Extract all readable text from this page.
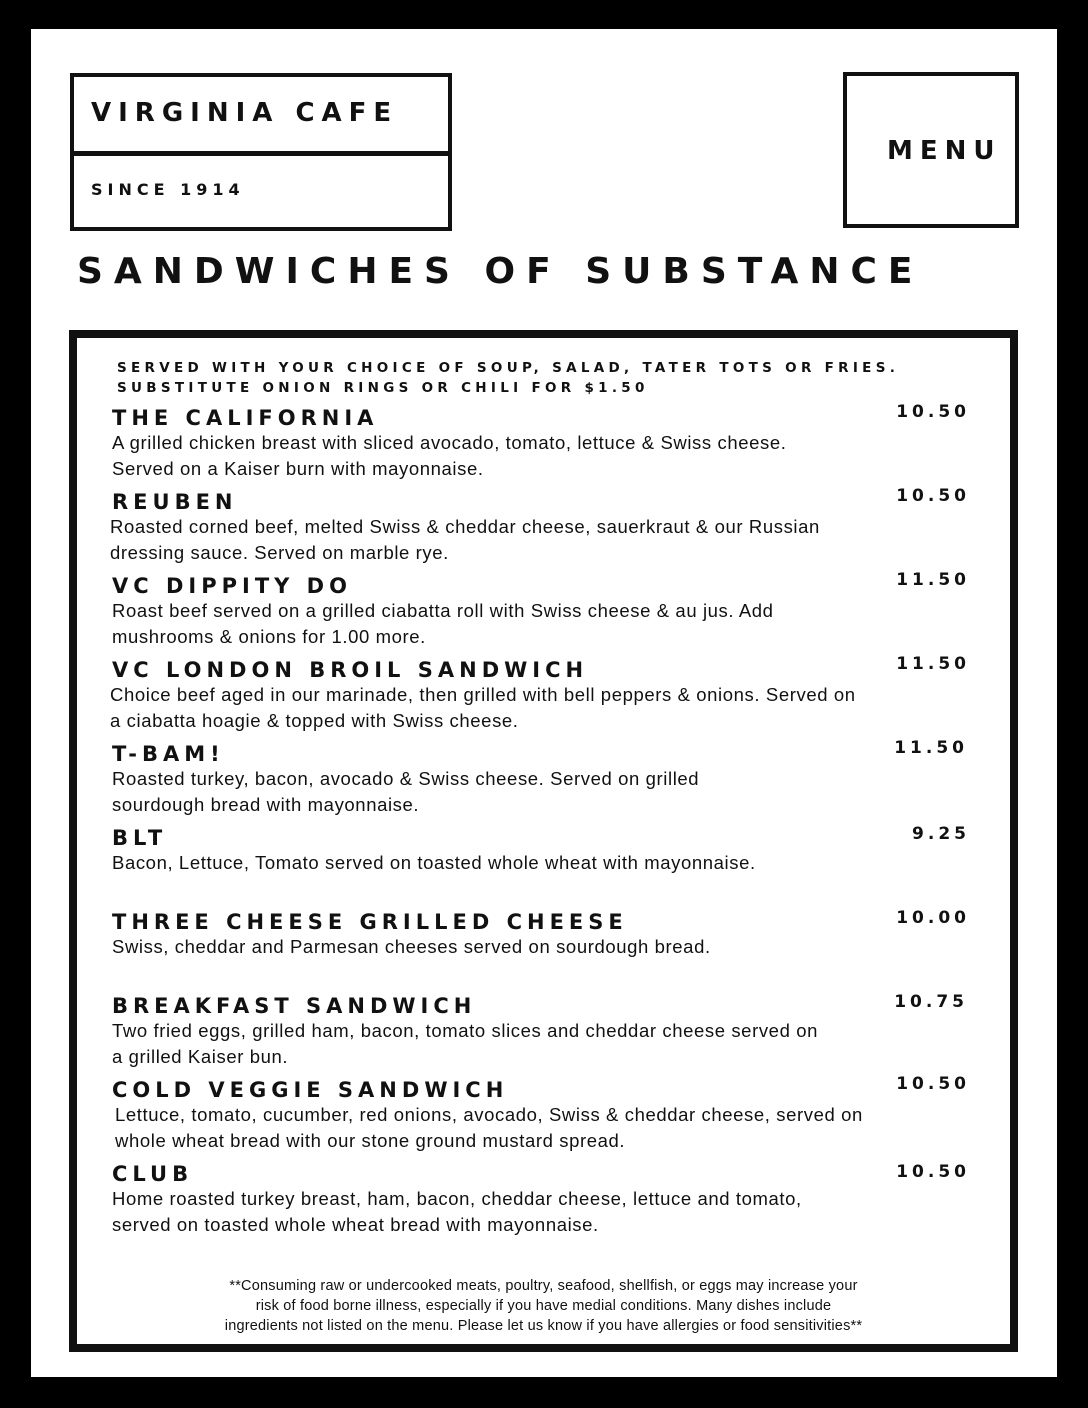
VIRGINIA CAFE
SINCE 1914
MENU
SANDWICHES OF SUBSTANCE
SERVED WITH YOUR CHOICE OF SOUP, SALAD, TATER TOTS OR FRIES.
SUBSTITUTE ONION RINGS OR CHILI FOR $1.50
THE CALIFORNIA
A grilled chicken breast with sliced avocado, tomato, lettuce & Swiss cheese. Served on a Kaiser burn with mayonnaise.
10.50
REUBEN
Roasted corned beef, melted Swiss & cheddar cheese, sauerkraut & our Russian dressing sauce. Served on marble rye.
10.50
VC DIPPITY DO
Roast beef served on a grilled ciabatta roll with Swiss cheese & au jus. Add mushrooms & onions for 1.00 more.
11.50
VC LONDON BROIL SANDWICH
Choice beef aged in our marinade, then grilled with bell peppers & onions. Served on a ciabatta hoagie & topped with Swiss cheese.
11.50
T-BAM!
Roasted turkey, bacon, avocado & Swiss cheese. Served on grilled sourdough bread with mayonnaise.
11.50
BLT
Bacon, Lettuce, Tomato served on toasted whole wheat with mayonnaise.
9.25
THREE CHEESE GRILLED CHEESE
Swiss, cheddar and Parmesan cheeses served on sourdough bread.
10.00
BREAKFAST SANDWICH
Two fried eggs, grilled ham, bacon, tomato slices and cheddar cheese served on a grilled Kaiser bun.
10.75
COLD VEGGIE SANDWICH
Lettuce, tomato, cucumber, red onions, avocado, Swiss & cheddar cheese, served on whole wheat bread with our stone ground mustard spread.
10.50
CLUB
Home roasted turkey breast, ham, bacon, cheddar cheese, lettuce and tomato, served on toasted whole wheat bread with mayonnaise.
10.50
**Consuming raw or undercooked meats, poultry, seafood, shellfish, or eggs may increase your
risk of food borne illness, especially if you have medial conditions. Many dishes include
ingredients not listed on the menu. Please let us know if you have allergies or food sensitivities**
